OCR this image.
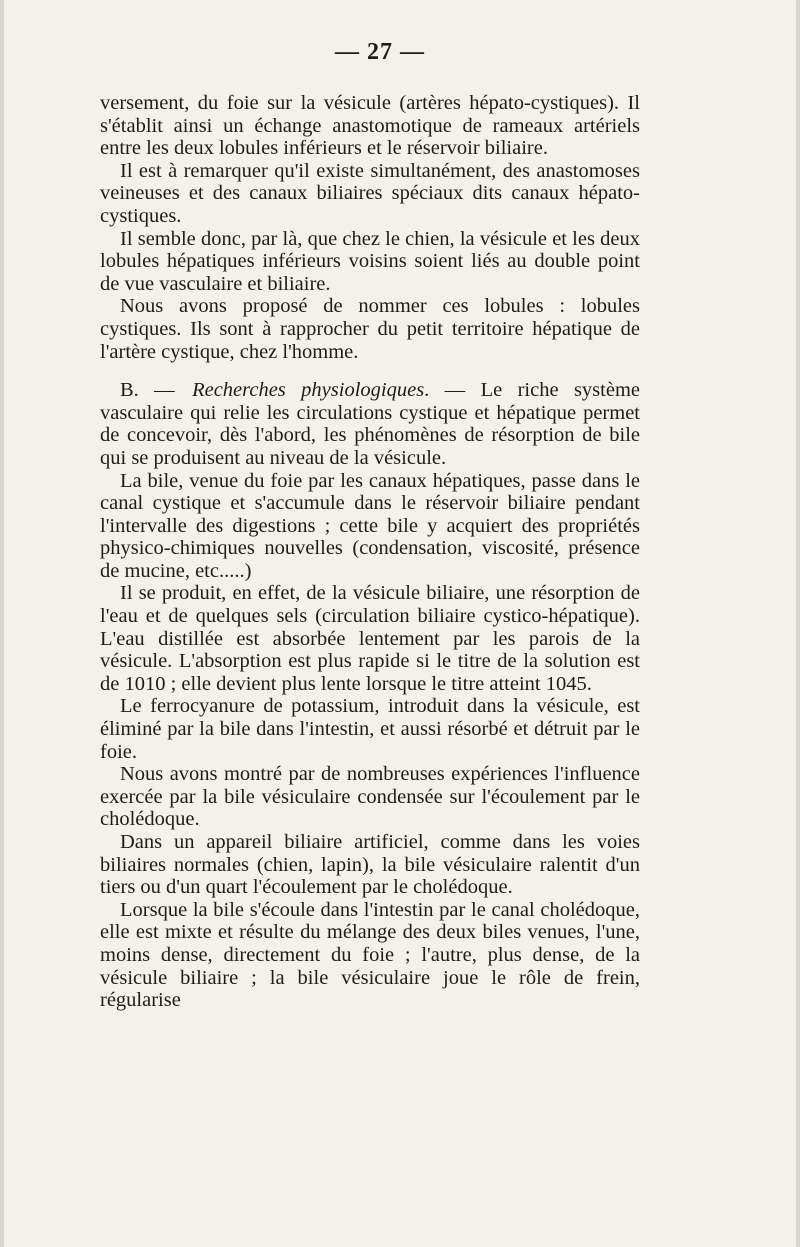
— 27 —

versement, du foie sur la vésicule (artères hépato-cystiques). Il s'établit ainsi un échange anastomotique de rameaux artériels entre les deux lobules inférieurs et le réservoir biliaire.

Il est à remarquer qu'il existe simultanément, des anastomoses veineuses et des canaux biliaires spéciaux dits canaux hépato-cystiques.

Il semble donc, par là, que chez le chien, la vésicule et les deux lobules hépatiques inférieurs voisins soient liés au double point de vue vasculaire et biliaire.

Nous avons proposé de nommer ces lobules : lobules cystiques. Ils sont à rapprocher du petit territoire hépatique de l'artère cystique, chez l'homme.

B. — Recherches physiologiques. — Le riche système vasculaire qui relie les circulations cystique et hépatique permet de concevoir, dès l'abord, les phénomènes de résorption de bile qui se produisent au niveau de la vésicule.

La bile, venue du foie par les canaux hépatiques, passe dans le canal cystique et s'accumule dans le réservoir biliaire pendant l'intervalle des digestions ; cette bile y acquiert des propriétés physico-chimiques nouvelles (condensation, viscosité, présence de mucine, etc.....)

Il se produit, en effet, de la vésicule biliaire, une résorption de l'eau et de quelques sels (circulation biliaire cystico-hépatique). L'eau distillée est absorbée lentement par les parois de la vésicule. L'absorption est plus rapide si le titre de la solution est de 1010 ; elle devient plus lente lorsque le titre atteint 1045.

Le ferrocyanure de potassium, introduit dans la vésicule, est éliminé par la bile dans l'intestin, et aussi résorbé et détruit par le foie.

Nous avons montré par de nombreuses expériences l'influence exercée par la bile vésiculaire condensée sur l'écoulement par le cholédoque.

Dans un appareil biliaire artificiel, comme dans les voies biliaires normales (chien, lapin), la bile vésiculaire ralentit d'un tiers ou d'un quart l'écoulement par le cholédoque.

Lorsque la bile s'écoule dans l'intestin par le canal cholédoque, elle est mixte et résulte du mélange des deux biles venues, l'une, moins dense, directement du foie ; l'autre, plus dense, de la vésicule biliaire ; la bile vésiculaire joue le rôle de frein, régularise
